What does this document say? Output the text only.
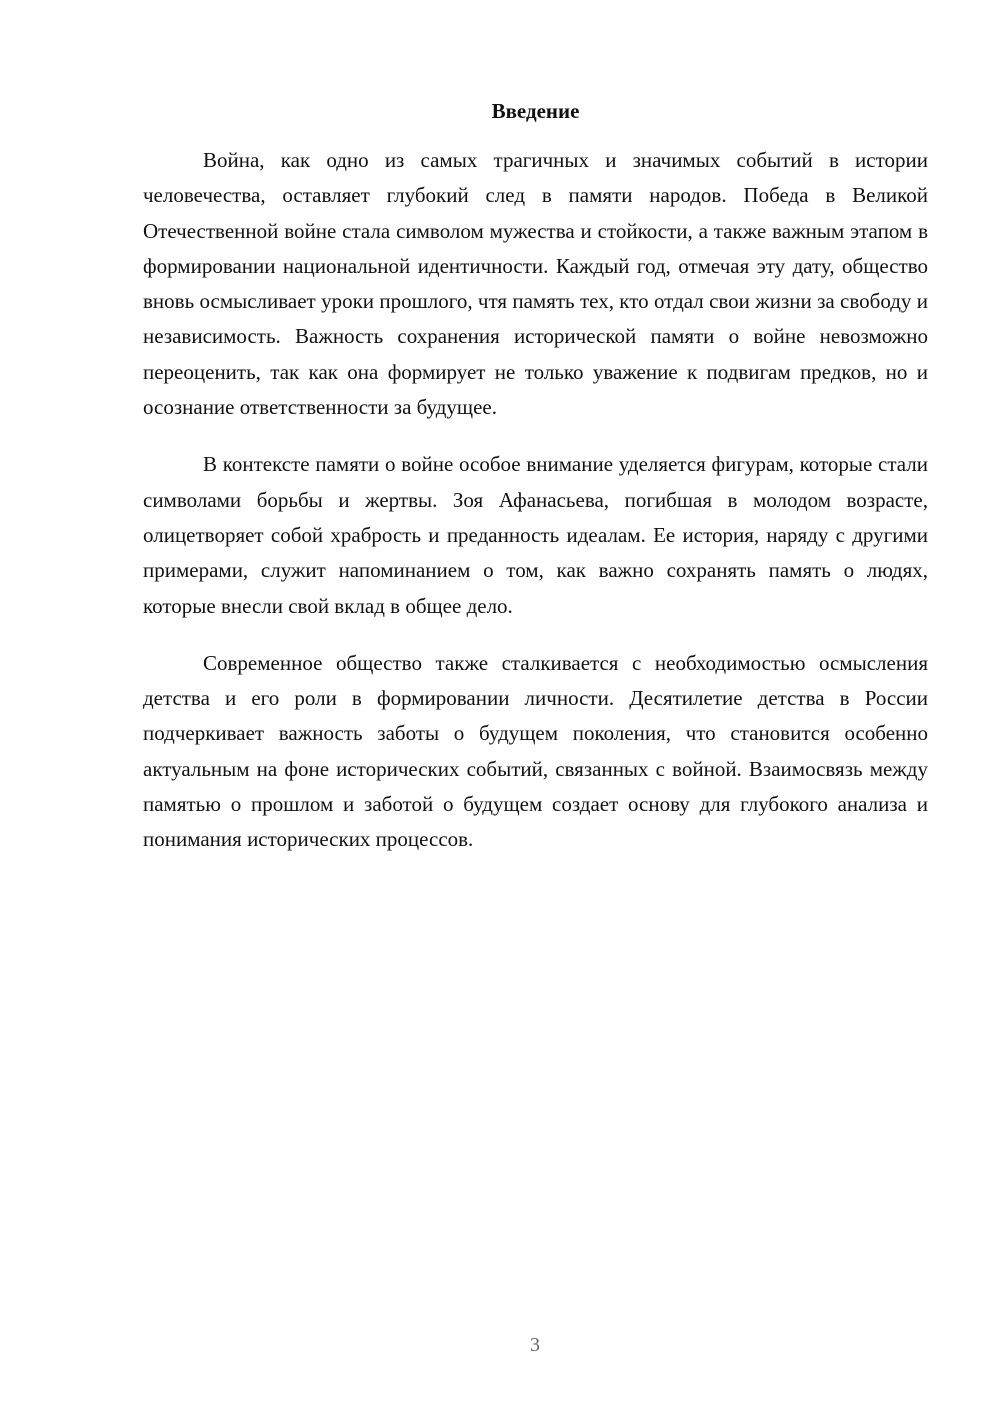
Введение

Война, как одно из самых трагичных и значимых событий в истории человечества, оставляет глубокий след в памяти народов. Победа в Великой Отечественной войне стала символом мужества и стойкости, а также важным этапом в формировании национальной идентичности. Каждый год, отмечая эту дату, общество вновь осмысливает уроки прошлого, чтя память тех, кто отдал свои жизни за свободу и независимость. Важность сохранения исторической памяти о войне невозможно переоценить, так как она формирует не только уважение к подвигам предков, но и осознание ответственности за будущее.

В контексте памяти о войне особое внимание уделяется фигурам, которые стали символами борьбы и жертвы. Зоя Афанасьева, погибшая в молодом возрасте, олицетворяет собой храбрость и преданность идеалам. Ее история, наряду с другими примерами, служит напоминанием о том, как важно сохранять память о людях, которые внесли свой вклад в общее дело.

Современное общество также сталкивается с необходимостью осмысления детства и его роли в формировании личности. Десятилетие детства в России подчеркивает важность заботы о будущем поколения, что становится особенно актуальным на фоне исторических событий, связанных с войной. Взаимосвязь между памятью о прошлом и заботой о будущем создает основу для глубокого анализа и понимания исторических процессов.

3
